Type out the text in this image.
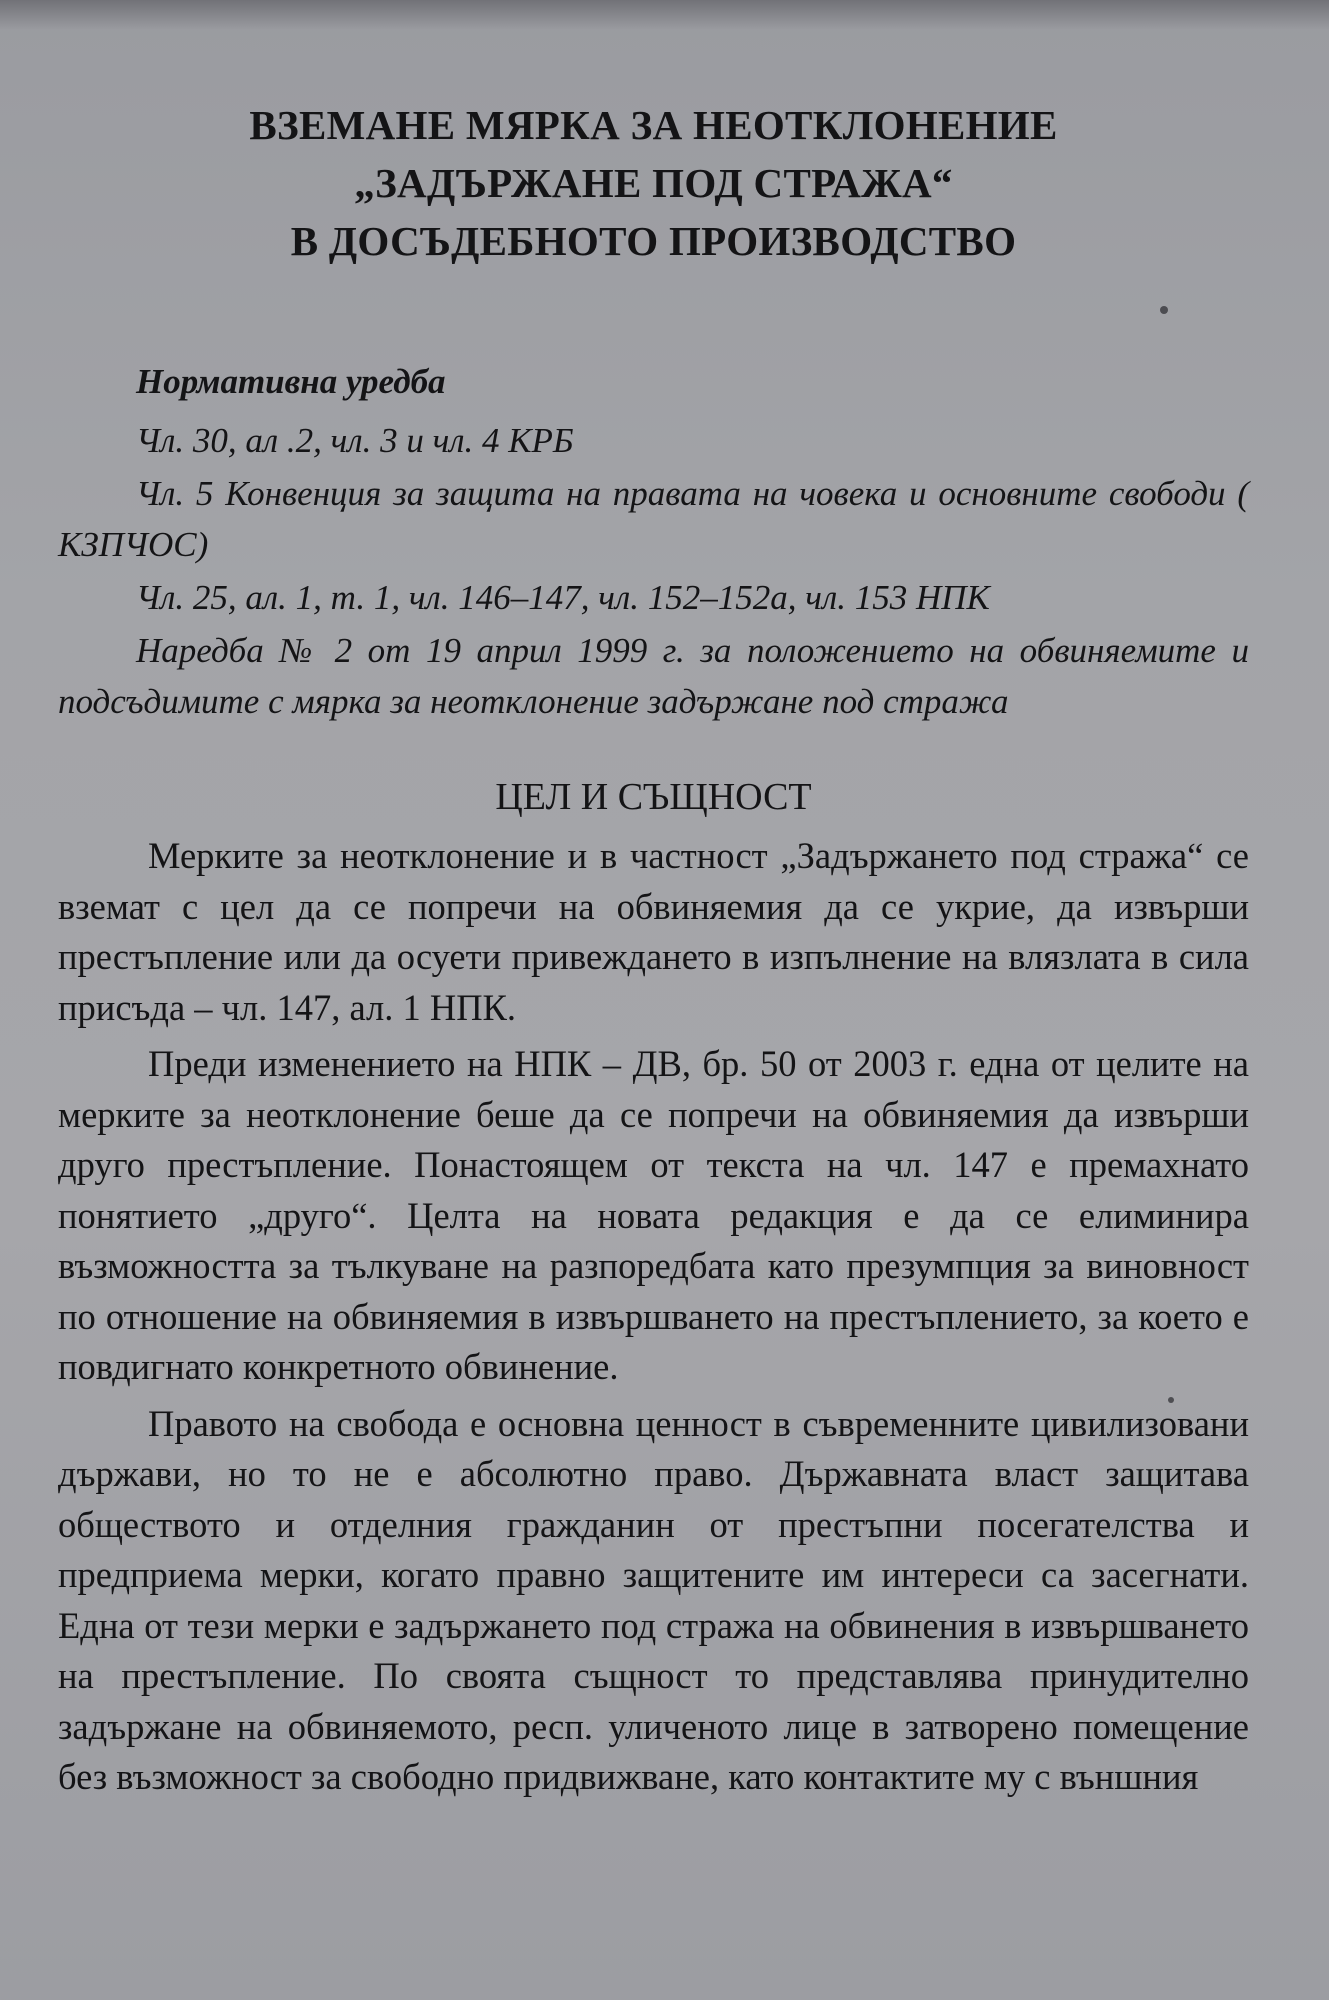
ВЗЕМАНЕ МЯРКА ЗА НЕОТКЛОНЕНИЕ
„ЗАДЪРЖАНЕ ПОД СТРАЖА“
В ДОСЪДЕБНОТО ПРОИЗВОДСТВО
Нормативна уредба

Чл. 30, ал .2, чл. 3 и чл. 4 КРБ

Чл. 5 Конвенция за защита на правата на човека и основните свободи ( КЗПЧОС)

Чл. 25, ал. 1, т. 1, чл. 146–147, чл. 152–152а, чл. 153 НПК

Наредба № 2 от 19 април 1999 г. за положението на обвиняемите и подсъдимите с мярка за неотклонение задържане под стража

ЦЕЛ И СЪЩНОСТ

Мерките за неотклонение и в частност „Задържането под стража“ се вземат с цел да се попречи на обвиняемия да се укрие, да извърши престъпление или да осуети привеждането в изпълнение на влязлата в сила присъда – чл. 147, ал. 1 НПК.

Преди изменението на НПК – ДВ, бр. 50 от 2003 г. една от целите на мерките за неотклонение беше да се попречи на обвиняемия да извърши друго престъпление. Понастоящем от текста на чл. 147 е премахнато понятието „друго“. Целта на новата редакция е да се елиминира възможността за тълкуване на разпоредбата като презумпция за виновност по отношение на обвиняемия в извършването на престъплението, за което е повдигнато конкретното обвинение.

Правото на свобода е основна ценност в съвременните цивилизовани държави, но то не е абсолютно право. Държавната власт защитава обществото и отделния гражданин от престъпни посегателства и предприема мерки, когато правно защитените им интереси са засегнати. Една от тези мерки е задържането под стража на обвинения в извършването на престъпление. По своята същност то представлява принудително задържане на обвиняемото, респ. уличеното лице в затворено помещение без възможност за свободно придвижване, като контактите му с външния
